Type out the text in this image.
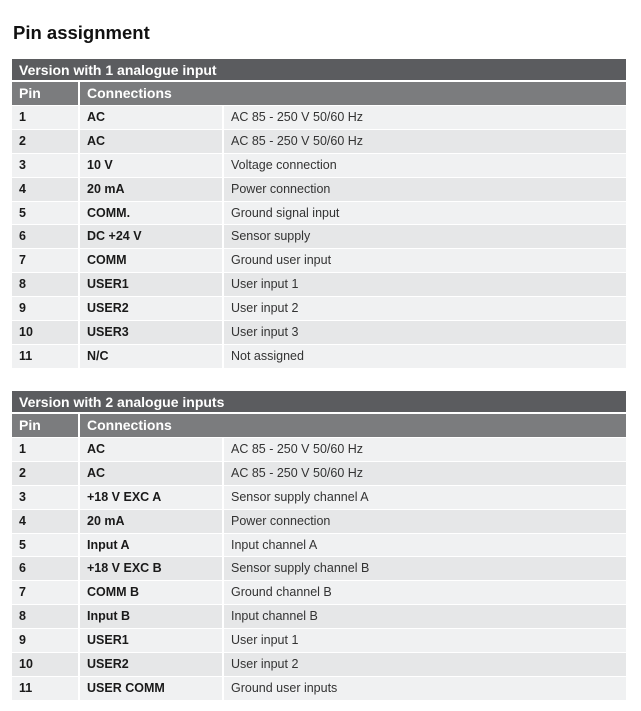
Pin assignment
Version with 1 analogue input
Pin	Connections
1	AC	AC 85 - 250 V 50/60 Hz
2	AC	AC 85 - 250 V 50/60 Hz
3	10 V	Voltage connection
4	20 mA	Power connection
5	COMM.	Ground signal input
6	DC +24 V	Sensor supply
7	COMM	Ground user input
8	USER1	User input 1
9	USER2	User input 2
10	USER3	User input 3
11	N/C	Not assigned
Version with 2 analogue inputs
Pin	Connections
1	AC	AC 85 - 250 V 50/60 Hz
2	AC	AC 85 - 250 V 50/60 Hz
3	+18 V EXC A	Sensor supply channel A
4	20 mA	Power connection
5	Input A	Input channel A
6	+18 V EXC B	Sensor supply channel B
7	COMM B	Ground channel B
8	Input B	Input channel B
9	USER1	User input 1
10	USER2	User input 2
11	USER COMM	Ground user inputs
